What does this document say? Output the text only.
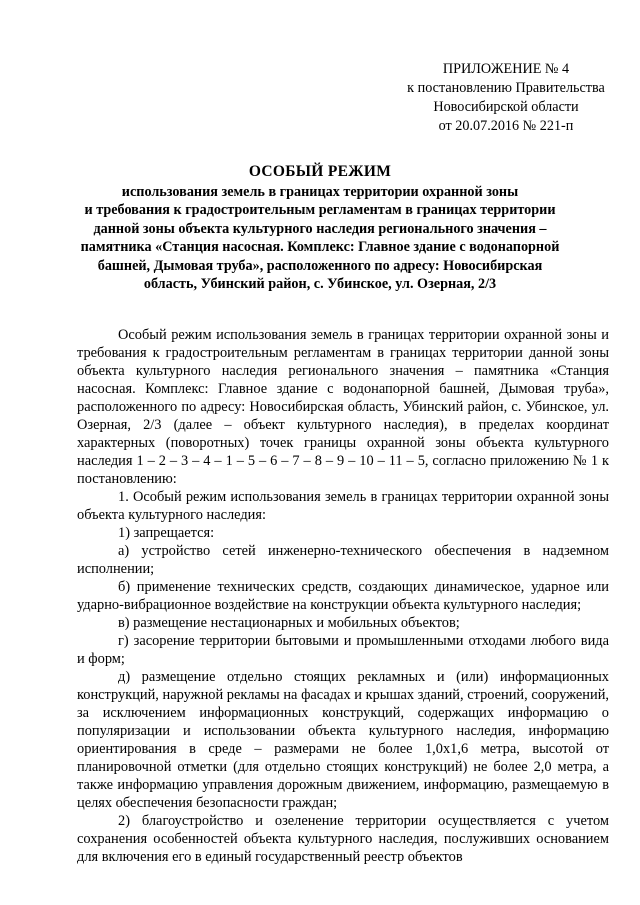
ПРИЛОЖЕНИЕ № 4
к постановлению Правительства
Новосибирской области
от 20.07.2016 № 221-п
ОСОБЫЙ РЕЖИМ
использования земель в границах территории охранной зоны
и требования к градостроительным регламентам в границах территории
данной зоны объекта культурного наследия регионального значения –
памятника «Станция насосная. Комплекс: Главное здание с водонапорной
башней, Дымовая труба», расположенного по адресу: Новосибирская
область, Убинский район, с. Убинское, ул. Озерная, 2/3

Особый режим использования земель в границах территории охранной зоны и требования к градостроительным регламентам в границах территории данной зоны объекта культурного наследия регионального значения – памятника «Станция насосная. Комплекс: Главное здание с водонапорной башней, Дымовая труба», расположенного по адресу: Новосибирская область, Убинский район, с. Убинское, ул. Озерная, 2/3 (далее – объект культурного наследия), в пределах координат характерных (поворотных) точек границы охранной зоны объекта культурного наследия 1 – 2 – 3 – 4 – 1 – 5 – 6 – 7 – 8 – 9 – 10 – 11 – 5, согласно приложению № 1 к постановлению:

1. Особый режим использования земель в границах территории охранной зоны объекта культурного наследия:

1) запрещается:

а) устройство сетей инженерно-технического обеспечения в надземном исполнении;

б) применение технических средств, создающих динамическое, ударное или ударно-вибрационное воздействие на конструкции объекта культурного наследия;

в) размещение нестационарных и мобильных объектов;

г) засорение территории бытовыми и промышленными отходами любого вида и форм;

д) размещение отдельно стоящих рекламных и (или) информационных конструкций, наружной рекламы на фасадах и крышах зданий, строений, сооружений, за исключением информационных конструкций, содержащих информацию о популяризации и использовании объекта культурного наследия, информацию ориентирования в среде – размерами не более 1,0х1,6 метра, высотой от планировочной отметки (для отдельно стоящих конструкций) не более 2,0 метра, а также информацию управления дорожным движением, информацию, размещаемую в целях обеспечения безопасности граждан;

2) благоустройство и озеленение территории осуществляется с учетом сохранения особенностей объекта культурного наследия, послуживших основанием для включения его в единый государственный реестр объектов
